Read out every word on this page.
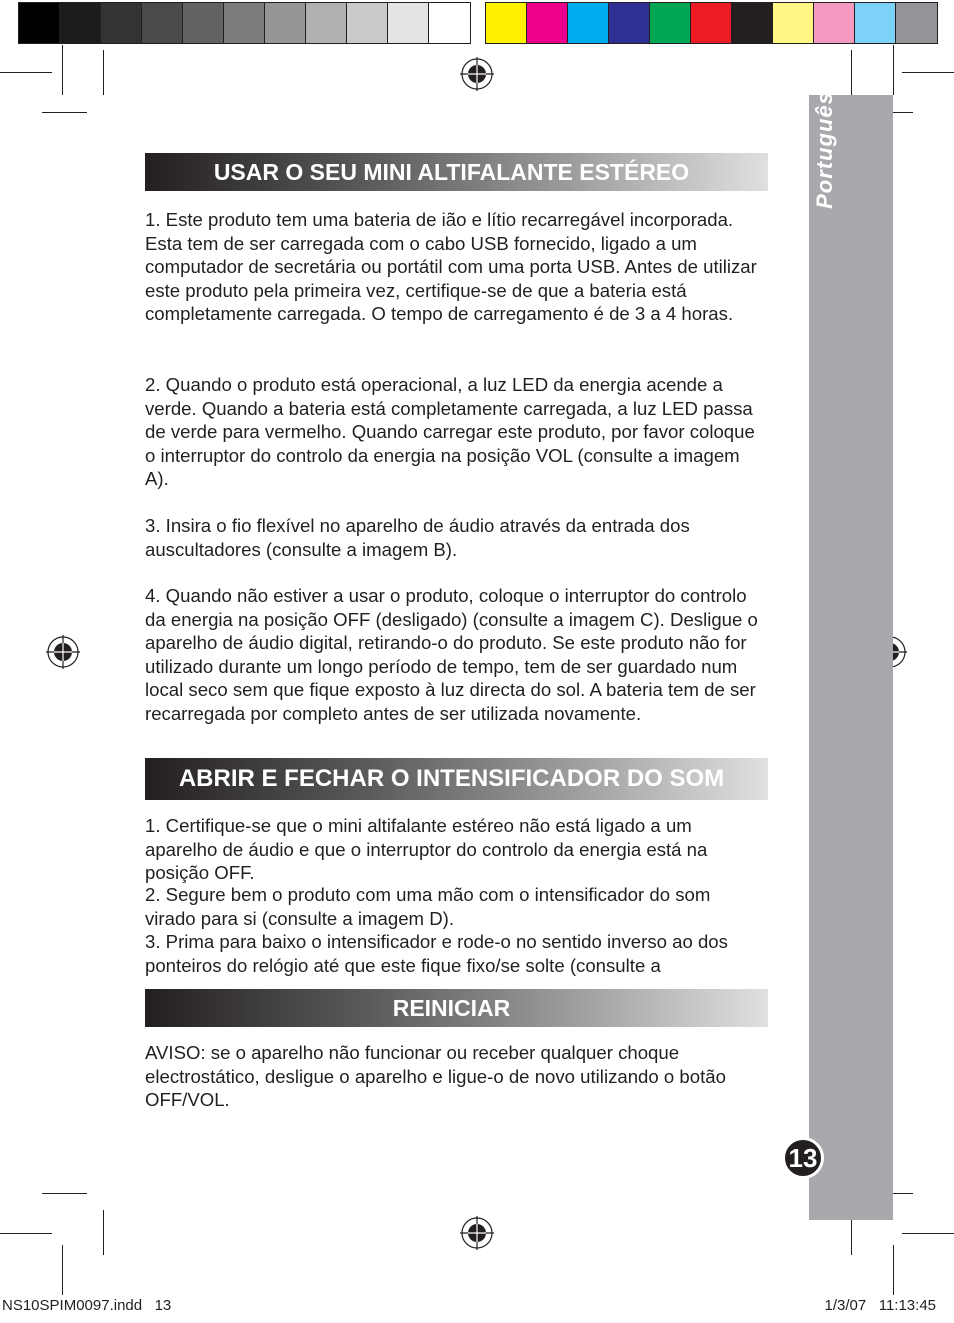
Português
USAR O SEU MINI ALTIFALANTE ESTÉREO

1. Este produto tem uma bateria de ião e lítio recarregável incorporada. Esta tem de ser carregada com o cabo USB fornecido, ligado a um computador de secretária ou portátil com uma porta USB. Antes de utilizar este produto pela primeira vez, certifique-se de que a bateria está completamente carregada. O tempo de carregamento é de 3 a 4 horas.

2. Quando o produto está operacional, a luz LED da energia acende a verde. Quando a bateria está completamente carregada, a luz LED passa de verde para vermelho. Quando carregar este produto, por favor coloque o interruptor do controlo da energia na posição VOL (consulte a imagem A).

3. Insira o fio flexível no aparelho de áudio através da entrada dos auscultadores (consulte a imagem B).

4. Quando não estiver a usar o produto, coloque o interruptor do controlo da energia na posição OFF (desligado) (consulte a imagem C). Desligue o aparelho de áudio digital, retirando-o do produto. Se este produto não for utilizado durante um longo período de tempo, tem de ser guardado num local seco sem que fique exposto à luz directa do sol. A bateria tem de ser recarregada por completo antes de ser utilizada novamente.

ABRIR E FECHAR O INTENSIFICADOR DO SOM

1. Certifique-se que o mini altifalante estéreo não está ligado a um aparelho de áudio e que o interruptor do controlo da energia está na posição OFF.

2. Segure bem o produto com uma mão com o intensificador do som virado para si (consulte a imagem D).

3. Prima para baixo o intensificador e rode-o no sentido inverso ao dos ponteiros do relógio até que este fique fixo/se solte (consulte a

REINICIAR

AVISO: se o aparelho não funcionar ou receber qualquer choque electrostático, desligue o aparelho e ligue-o de novo utilizando o botão OFF/VOL.

13
NS10SPIM0097.indd   13	1/3/07   11:13:45
